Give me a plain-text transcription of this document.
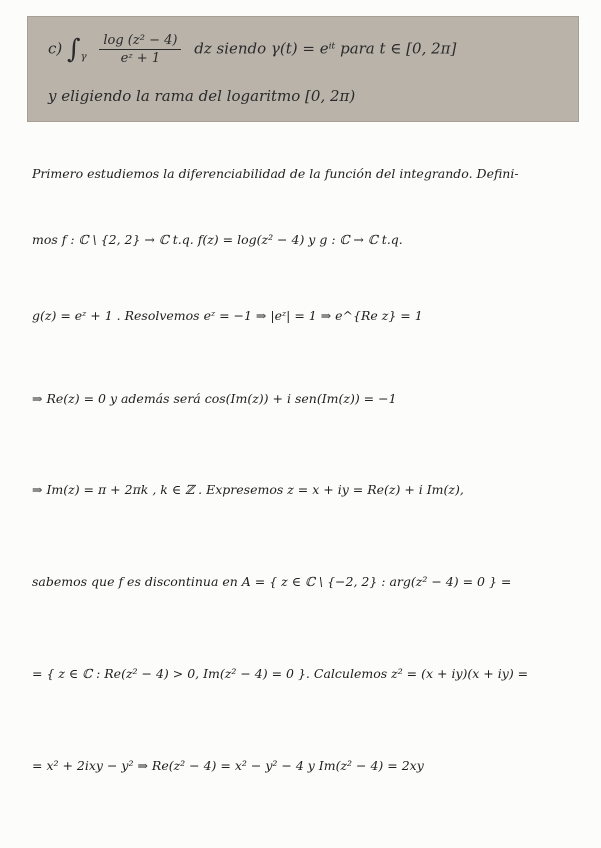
c) $\int_\gamma \frac{\text{log (z² − 4)}}{\text{eᶻ + 1}}$ dz siendo γ(t) = eⁱᵗ para t ∈ [0, 2π]
y eligiendo la rama del logaritmo [0, 2π)
Primero estudiemos la diferenciabilidad de la función del integrando. Defini-
mos f : ℂ \ {2, 2} → ℂ t.q. f(z) = log(z² − 4) y g : ℂ → ℂ t.q.
g(z) = eᶻ + 1 . Resolvemos eᶻ = −1 ⇒ |eᶻ| = 1 ⇒ e^{Re z} = 1
⇒ Re(z) = 0 y además será cos(Im(z)) + i sen(Im(z)) = −1
⇒ Im(z) = π + 2πk , k ∈ ℤ . Expresemos z = x + iy = Re(z) + i Im(z),
sabemos que f es discontinua en A = { z ∈ ℂ \ {−2, 2} : arg(z² − 4) = 0 } =
= { z ∈ ℂ : Re(z² − 4) > 0, Im(z² − 4) = 0 }. Calculemos z² = (x + iy)(x + iy) =
= x² + 2ixy − y² ⇒ Re(z² − 4) = x² − y² − 4 y Im(z² − 4) = 2xy
